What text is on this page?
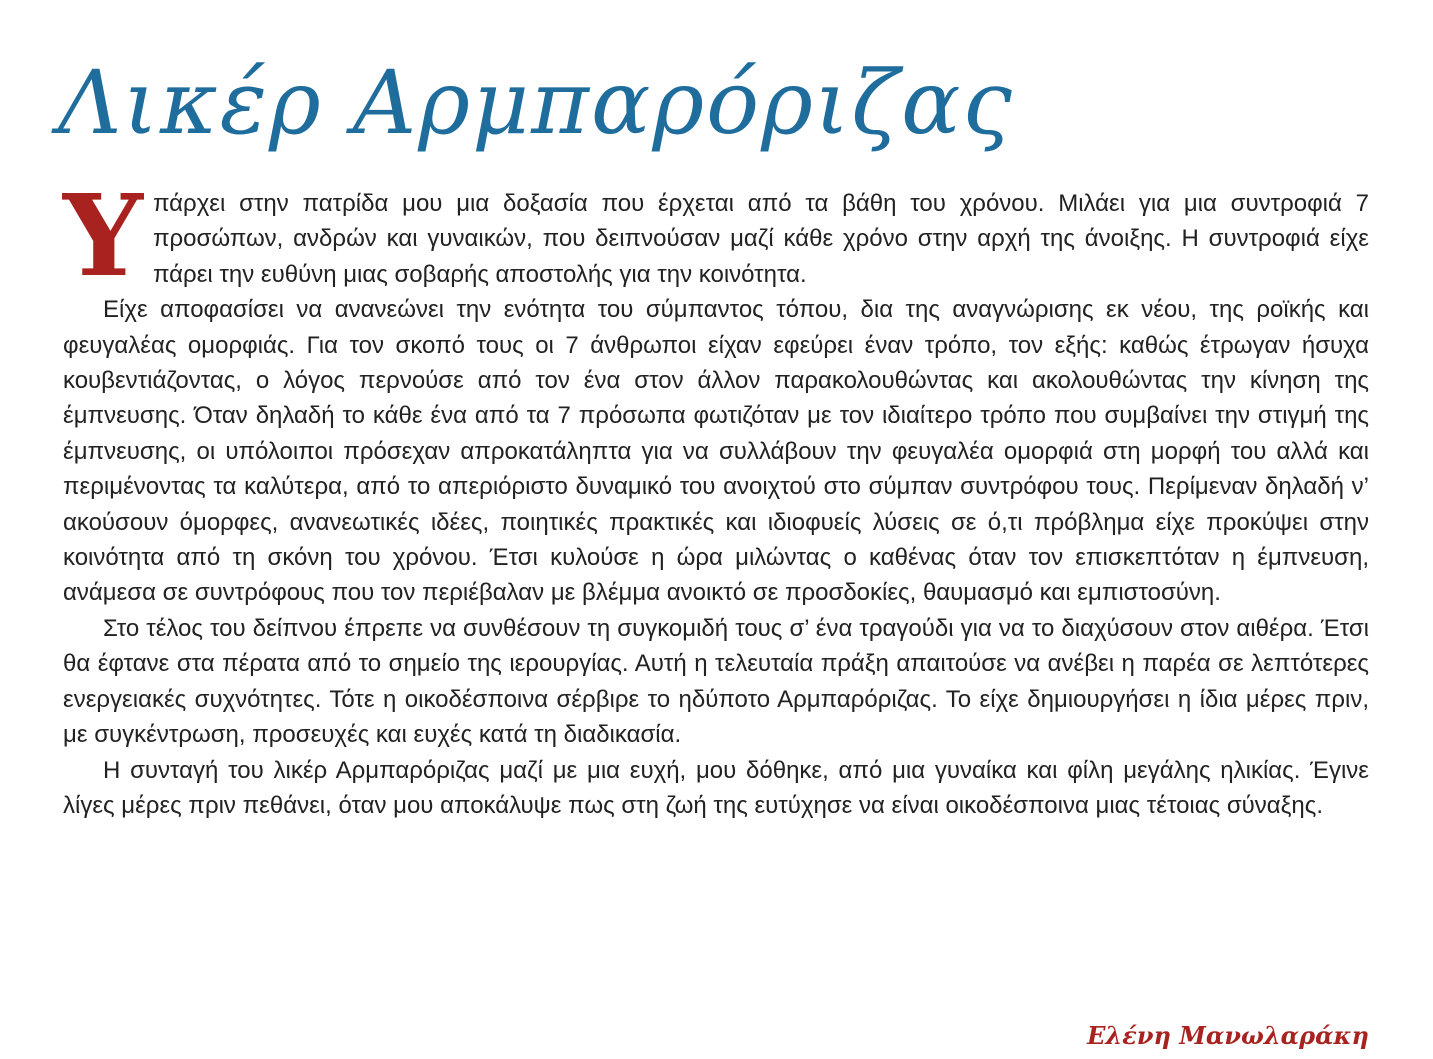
Λικέρ Αρμπαρόριζας

Υπάρχει στην πατρίδα μου μια δοξασία που έρχεται από τα βάθη του χρόνου. Μιλάει για μια συντροφιά 7 προσώπων, ανδρών και γυναικών, που δειπνούσαν μαζί κάθε χρόνο στην αρχή της άνοιξης. Η συντροφιά είχε πάρει την ευθύνη μιας σοβαρής αποστολής για την κοινότητα.

Είχε αποφασίσει να ανανεώνει την ενότητα του σύμπαντος τόπου, δια της αναγνώρισης εκ νέου, της ροϊκής και φευγαλέας ομορφιάς. Για τον σκοπό τους οι 7 άνθρωποι είχαν εφεύρει έναν τρόπο, τον εξής: καθώς έτρωγαν ήσυχα κουβεντιάζοντας, ο λόγος περνούσε από τον ένα στον άλλον παρακολουθώντας και ακολουθώντας την κίνηση της έμπνευσης. Όταν δηλαδή το κάθε ένα από τα 7 πρόσωπα φωτιζόταν με τον ιδιαίτερο τρόπο που συμβαίνει την στιγμή της έμπνευσης, οι υπόλοιποι πρόσεχαν απροκατάληπτα για να συλλάβουν την φευγαλέα ομορφιά στη μορφή του αλλά και περιμένοντας τα καλύτερα, από το απεριόριστο δυναμικό του ανοιχτού στο σύμπαν συντρόφου τους. Περίμεναν δηλαδή ν’ ακούσουν όμορφες, ανανεωτικές ιδέες, ποιητικές πρακτικές και ιδιοφυείς λύσεις σε ό,τι πρόβλημα είχε προκύψει στην κοινότητα από τη σκόνη του χρόνου. Έτσι κυλούσε η ώρα μιλώντας ο καθένας όταν τον επισκεπτόταν η έμπνευση, ανάμεσα σε συντρόφους που τον περιέβαλαν με βλέμμα ανοικτό σε προσδοκίες, θαυμασμό και εμπιστοσύνη.

Στο τέλος του δείπνου έπρεπε να συνθέσουν τη συγκομιδή τους σ’ ένα τραγούδι για να το διαχύσουν στον αιθέρα. Έτσι θα έφτανε στα πέρατα από το σημείο της ιερουργίας. Αυτή η τελευταία πράξη απαιτούσε να ανέβει η παρέα σε λεπτότερες ενεργειακές συχνότητες. Τότε η οικοδέσποινα σέρβιρε το ηδύποτο Αρμπαρόριζας. Το είχε δημιουργήσει η ίδια μέρες πριν, με συγκέντρωση, προσευχές και ευχές κατά τη διαδικασία.

Η συνταγή του λικέρ Αρμπαρόριζας μαζί με μια ευχή, μου δόθηκε, από μια γυναίκα και φίλη μεγάλης ηλικίας. Έγινε λίγες μέρες πριν πεθάνει, όταν μου αποκάλυψε πως στη ζωή της ευτύχησε να είναι οικοδέσποινα μιας τέτοιας σύναξης.

Ελένη Μανωλαράκη
